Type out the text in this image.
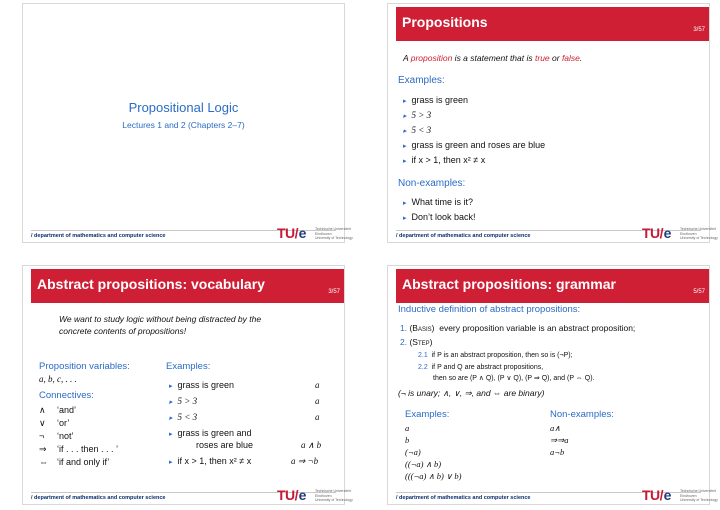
Propositional Logic
Lectures 1 and 2 (Chapters 2–7)
/ department of mathematics and computer science	TU/e Technische Universiteit
Eindhoven
University of Technology
Propositions	3/57
A proposition is a statement that is true or false.
Examples:
▸ grass is green
▸ 5 > 3
▸ 5 < 3
▸ grass is green and roses are blue
▸ if x > 1, then x² ≠ x
Non-examples:
▸ What time is it?
▸ Don’t look back!
/ department of mathematics and computer science	TU/e Technische Universiteit
Eindhoven
University of Technology
Abstract propositions: vocabulary	3/57
We want to study logic without being distracted by the
concrete contents of propositions!
Proposition variables:
a, b, c, . . .
Connectives:
∧ ‘and’
∨ ‘or’
¬ ‘not’
⇒ ‘if . . . then . . . ’
⇔ ‘if and only if’
Examples:
▸ grass is green	a
▸ 5 > 3	a
▸ 5 < 3	a
▸ grass is green and
roses are blue	a ∧ b
▸ if x > 1, then x² ≠ x	a ⇒ ¬b
/ department of mathematics and computer science	TU/e Technische Universiteit
Eindhoven
University of Technology
Abstract propositions: grammar	5/57
Inductive definition of abstract propositions:
1. (Basis) every proposition variable is an abstract proposition;
2. (Step)
2.1 if P is an abstract proposition, then so is (¬P);
2.2 if P and Q are abstract propositions,
then so are (P ∧ Q), (P ∨ Q), (P ⇒ Q), and (P ⇔ Q).
(¬ is unary; ∧, ∨, ⇒, and ⇔ are binary)
Examples:
a
b
(¬a)
((¬a) ∧ b)
(((¬a) ∧ b) ∨ b)
Non-examples:
a∧
⇒⇒a
a¬b
/ department of mathematics and computer science	TU/e Technische Universiteit
Eindhoven
University of Technology
